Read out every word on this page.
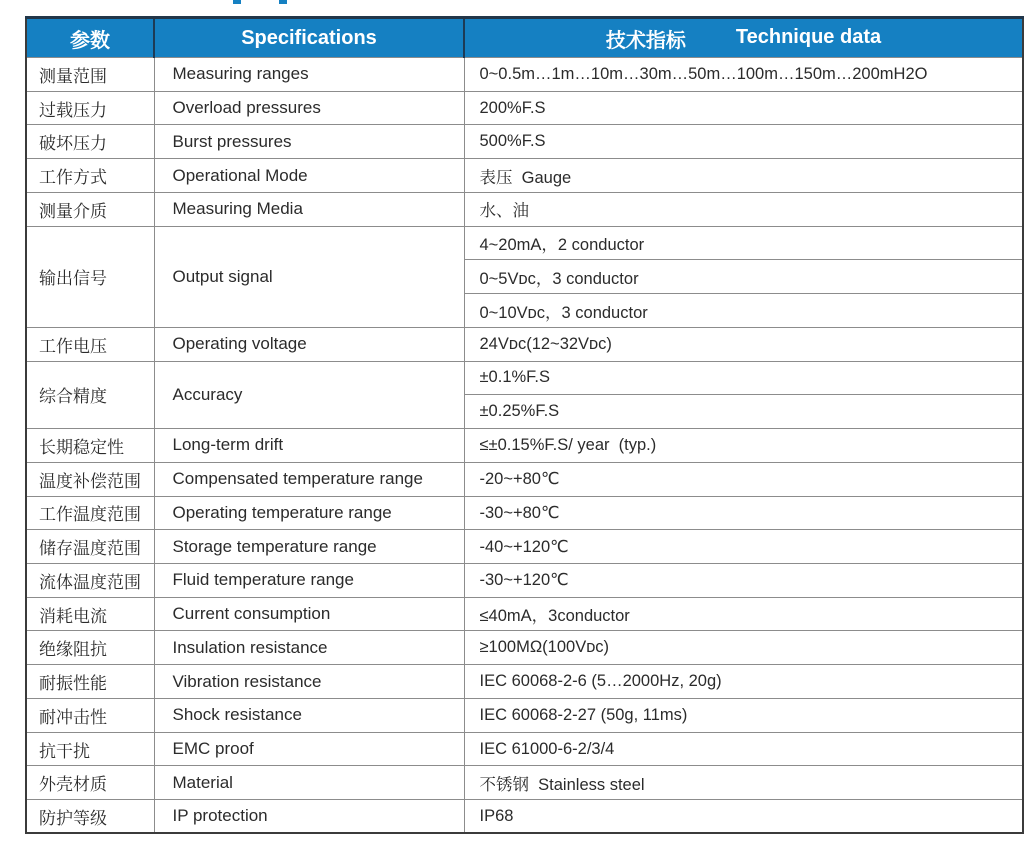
参数	Specifications	技术指标 Technique data
测量范围	Measuring ranges	0~0.5m…1m…10m…30m…50m…100m…150m…200mH2O
过载压力	Overload pressures	200%F.S
破坏压力	Burst pressures	500%F.S
工作方式	Operational Mode	表压  Gauge
测量介质	Measuring Media	水、油
输出信号	Output signal	4~20mA，2 conductor
		0~5Vᴅᴄ，3 conductor
		0~10Vᴅᴄ，3 conductor
工作电压	Operating voltage	24Vᴅᴄ(12~32Vᴅᴄ)
综合精度	Accuracy	±0.1%F.S
		±0.25%F.S
长期稳定性	Long-term drift	≤±0.15%F.S/ year  (typ.)
温度补偿范围	Compensated temperature range	-20~+80℃
工作温度范围	Operating temperature range	-30~+80℃
储存温度范围	Storage temperature range	-40~+120℃
流体温度范围	Fluid temperature range	-30~+120℃
消耗电流	Current consumption	≤40mA，3conductor
绝缘阻抗	Insulation resistance	≥100MΩ(100Vᴅᴄ)
耐振性能	Vibration resistance	IEC 60068-2-6 (5…2000Hz, 20g)
耐冲击性	Shock resistance	IEC 60068-2-27 (50g, 11ms)
抗干扰	EMC proof	IEC 61000-6-2/3/4
外壳材质	Material	不锈钢  Stainless steel
防护等级	IP protection	IP68
